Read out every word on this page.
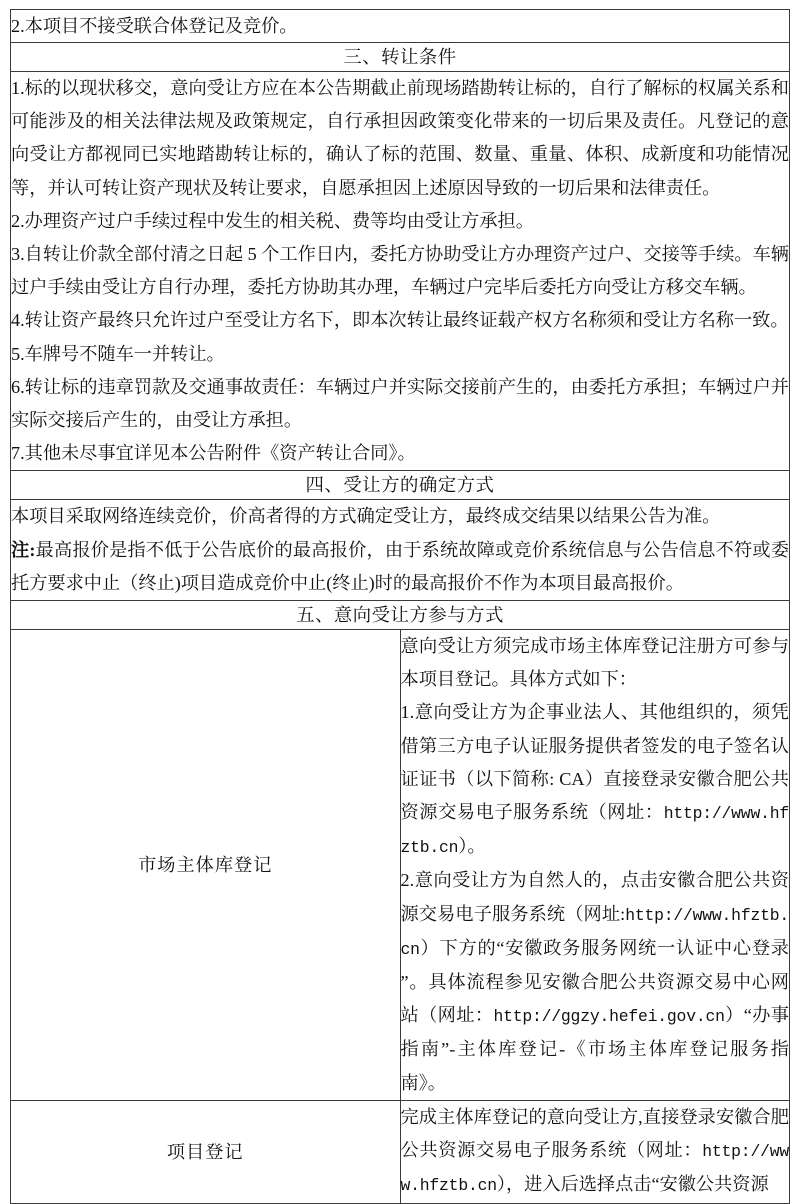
2.本项目不接受联合体登记及竞价。	

三、转让条件	

1.标的以现状移交，意向受让方应在本公告期截止前现场踏勘转让标的，自行了解标的权属关系和可能涉及的相关法律法规及政策规定，自行承担因政策变化带来的一切后果及责任。凡登记的意向受让方都视同已实地踏勘转让标的，确认了标的范围、数量、重量、体积、成新度和功能情况等，并认可转让资产现状及转让要求，自愿承担因上述原因导致的一切后果和法律责任。

2.办理资产过户手续过程中发生的相关税、费等均由受让方承担。

3.自转让价款全部付清之日起 5 个工作日内，委托方协助受让方办理资产过户、交接等手续。车辆过户手续由受让方自行办理，委托方协助其办理，车辆过户完毕后委托方向受让方移交车辆。

4.转让资产最终只允许过户至受让方名下，即本次转让最终证载产权方名称须和受让方名称一致。

5.车牌号不随车一并转让。

6.转让标的违章罚款及交通事故责任：车辆过户并实际交接前产生的，由委托方承担；车辆过户并实际交接后产生的，由受让方承担。

7.其他未尽事宜详见本公告附件《资产转让合同》。

四、受让方的确定方式	

本项目采取网络连续竞价，价高者得的方式确定受让方，最终成交结果以结果公告为准。

注:最高报价是指不低于公告底价的最高报价，由于系统故障或竞价系统信息与公告信息不符或委托方要求中止（终止)项目造成竞价中止(终止)时的最高报价不作为本项目最高报价。	

五、意向受让方参与方式	
市场主体库登记	意向受让方须完成市场主体库登记注册方可参与本项目登记。具体方式如下：

1.意向受让方为企事业法人、其他组织的，须凭借第三方电子认证服务提供者签发的电子签名认证证书（以下简称: CA）直接登录安徽合肥公共资源交易电子服务系统（网址：http://www.hfztb.cn）。

2.意向受让方为自然人的，点击安徽合肥公共资源交易电子服务系统（网址:http://www.hfztb.cn）下方的“安徽政务服务网统一认证中心登录 ”。具体流程参见安徽合肥公共资源交易中心网站（网址：http://ggzy.hefei.gov.cn）“办事指南”-主体库登记-《市场主体库登记服务指南》。

项目登记	完成主体库登记的意向受让方,直接登录安徽合肥公共资源交易电子服务系统（网址：http://www.hfztb.cn），进入后选择点击“安徽公共资源
